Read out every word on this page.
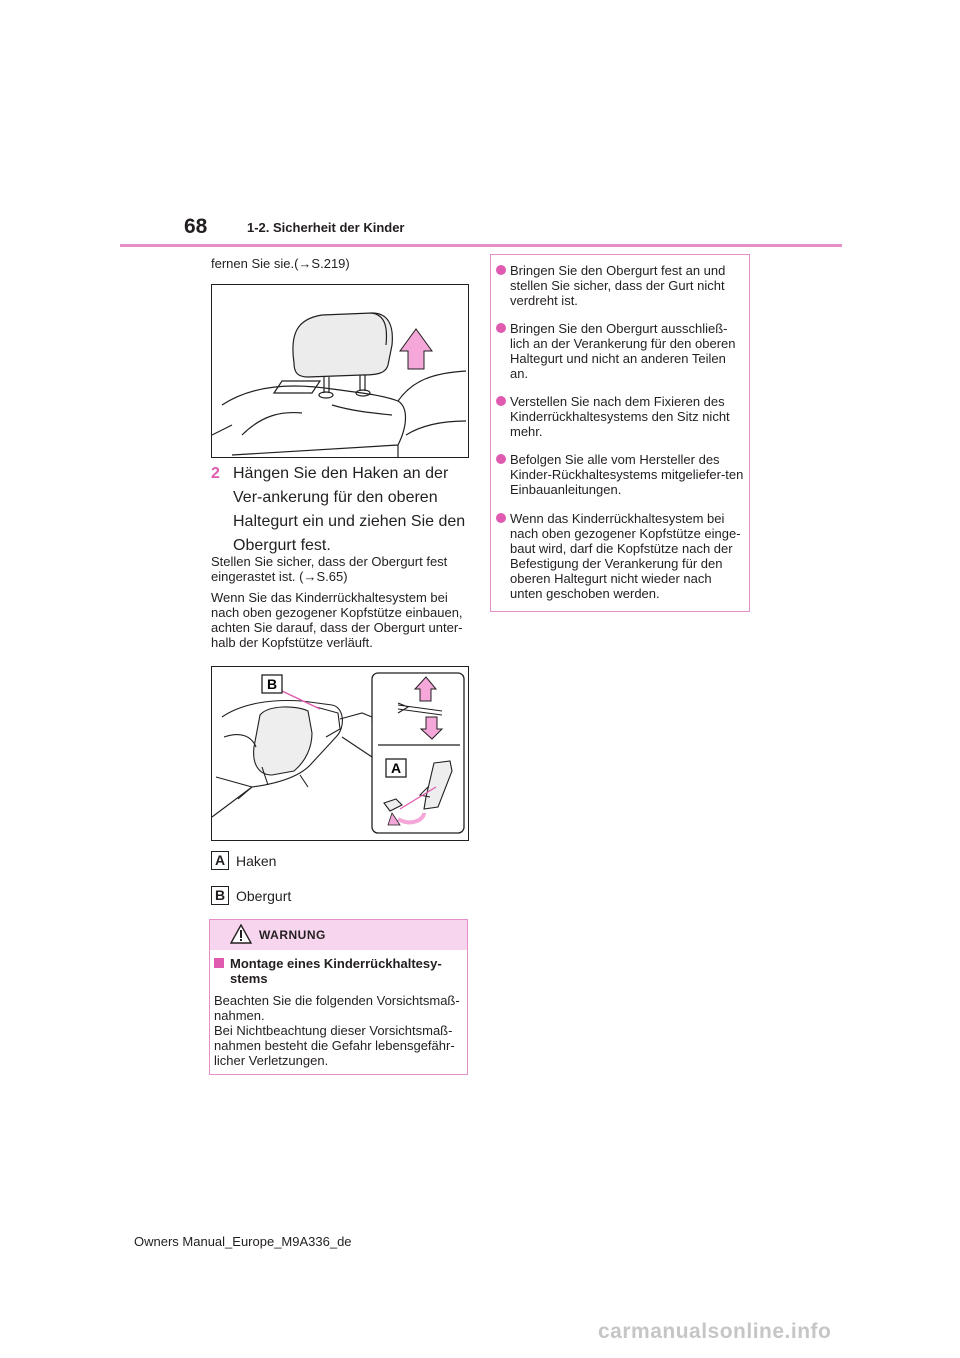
68	1-2. Sicherheit der Kinder
fernen Sie sie.(→S.219)
2 Hängen Sie den Haken an der Ver-ankerung für den oberen Haltegurt ein und ziehen Sie den Obergurt fest.
Stellen Sie sicher, dass der Obergurt fest eingerastet ist. (→S.65)
Wenn Sie das Kinderrückhaltesystem bei nach oben gezogener Kopfstütze einbauen, achten Sie darauf, dass der Obergurt unter-halb der Kopfstütze verläuft.
B
A
A Haken
B Obergurt
WARNUNG
Montage eines Kinderrückhaltesy-
stems
Beachten Sie die folgenden Vorsichtsmaß-nahmen.
Bei Nichtbeachtung dieser Vorsichtsmaß-nahmen besteht die Gefahr lebensgefähr-licher Verletzungen.
Bringen Sie den Obergurt fest an und stellen Sie sicher, dass der Gurt nicht verdreht ist.
Bringen Sie den Obergurt ausschließ-lich an der Verankerung für den oberen Haltegurt und nicht an anderen Teilen an.
Verstellen Sie nach dem Fixieren des Kinderrückhaltesystems den Sitz nicht mehr.
Befolgen Sie alle vom Hersteller des Kinder-Rückhaltesystems mitgeliefer-ten Einbauanleitungen.
Wenn das Kinderrückhaltesystem bei nach oben gezogener Kopfstütze einge-baut wird, darf die Kopfstütze nach der Befestigung der Verankerung für den oberen Haltegurt nicht wieder nach unten geschoben werden.
Owners Manual_Europe_M9A336_de
carmanualsonline.info
